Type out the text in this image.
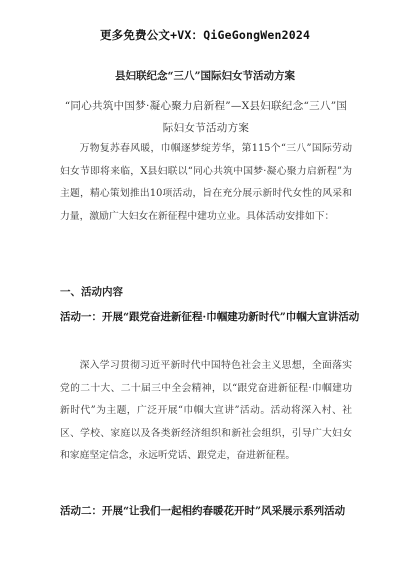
更多免费公文+VX：QiGeGongWen2024
县妇联纪念“三八”国际妇女节活动方案
“同心共筑中国梦·凝心聚力启新程”—X县妇联纪念“三八”国际妇女节活动方案

万物复苏春风暖，巾帼逐梦绽芳华，第115个“三八”国际劳动妇女节即将来临，X县妇联以“同心共筑中国梦·凝心聚力启新程”为主题，精心策划推出10项活动，旨在充分展示新时代女性的风采和力量，激励广大妇女在新征程中建功立业。具体活动安排如下：

一、活动内容

活动一：开展“跟党奋进新征程·巾帼建功新时代”巾帼大宣讲活动

深入学习贯彻习近平新时代中国特色社会主义思想，全面落实党的二十大、二十届三中全会精神，以“跟党奋进新征程·巾帼建功新时代”为主题，广泛开展“巾帼大宣讲”活动。活动将深入村、社区、学校、家庭以及各类新经济组织和新社会组织，引导广大妇女和家庭坚定信念，永远听党话、跟党走，奋进新征程。

活动二：开展“让我们一起相约春暖花开时”风采展示系列活动
